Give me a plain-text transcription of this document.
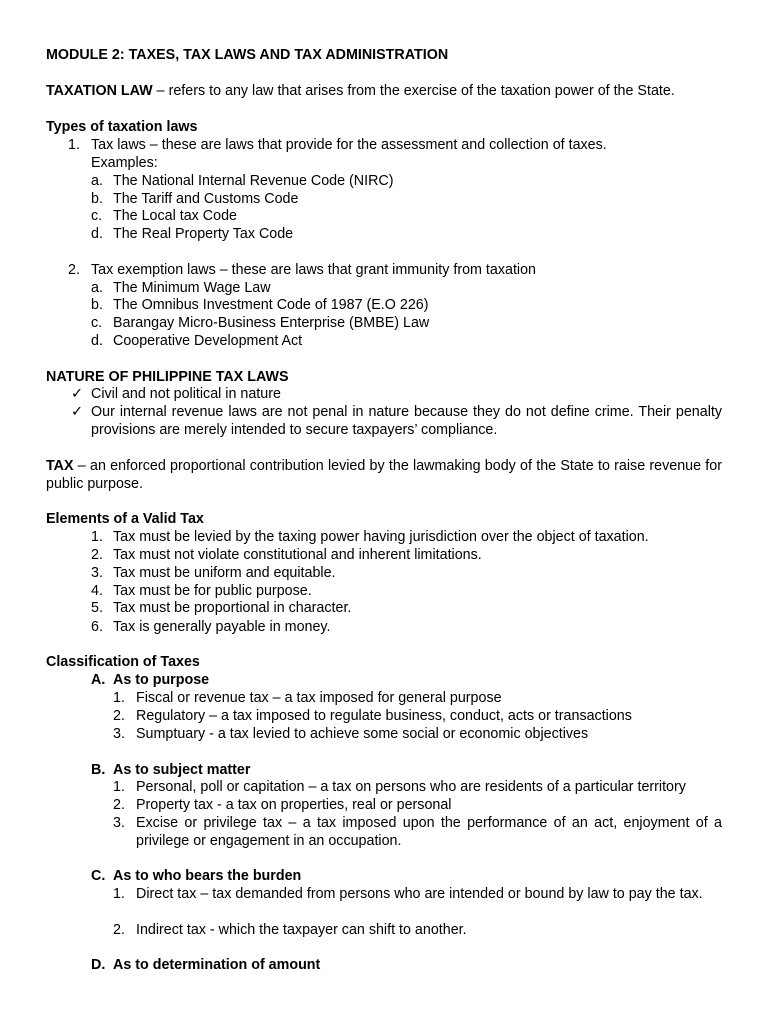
MODULE 2: TAXES, TAX LAWS AND TAX ADMINISTRATION
TAXATION LAW – refers to any law that arises from the exercise of the taxation power of the State.
Types of taxation laws
1. Tax laws – these are laws that provide for the assessment and collection of taxes.
Examples:
a. The National Internal Revenue Code (NIRC)
b. The Tariff and Customs Code
c. The Local tax Code
d. The Real Property Tax Code
2. Tax exemption laws – these are laws that grant immunity from taxation
a. The Minimum Wage Law
b. The Omnibus Investment Code of 1987 (E.O 226)
c. Barangay Micro-Business Enterprise (BMBE) Law
d. Cooperative Development Act
NATURE OF PHILIPPINE TAX LAWS
✓ Civil and not political in nature
✓ Our internal revenue laws are not penal in nature because they do not define crime. Their penalty provisions are merely intended to secure taxpayers’ compliance.
TAX – an enforced proportional contribution levied by the lawmaking body of the State to raise revenue for public purpose.
Elements of a Valid Tax
1. Tax must be levied by the taxing power having jurisdiction over the object of taxation.
2. Tax must not violate constitutional and inherent limitations.
3. Tax must be uniform and equitable.
4. Tax must be for public purpose.
5. Tax must be proportional in character.
6. Tax is generally payable in money.
Classification of Taxes
A. As to purpose
1. Fiscal or revenue tax – a tax imposed for general purpose
2. Regulatory – a tax imposed to regulate business, conduct, acts or transactions
3. Sumptuary - a tax levied to achieve some social or economic objectives
B. As to subject matter
1. Personal, poll or capitation – a tax on persons who are residents of a particular territory
2. Property tax - a tax on properties, real or personal
3. Excise or privilege tax – a tax imposed upon the performance of an act, enjoyment of a privilege or engagement in an occupation.
C. As to who bears the burden
1. Direct tax – tax demanded from persons who are intended or bound by law to pay the tax.
2. Indirect tax - which the taxpayer can shift to another.
D. As to determination of amount
